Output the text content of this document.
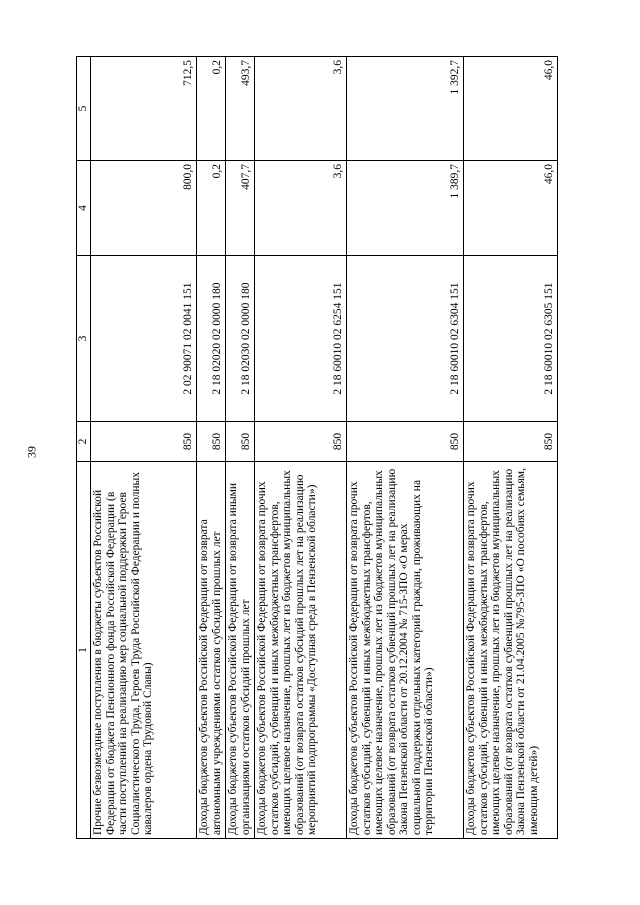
39
1	2	3	4	5
Прочие безвозмездные поступления в бюджеты субъектов Российской Федерации от бюджета Пенсионного фонда Российской Федерации (в части поступлений на реализацию мер социальной поддержки Героев Социалистического Труда, Героев Труда Российской Федерации и полных кавалеров ордена Трудовой Славы)	850	2 02 90071 02 0041 151	800,0	712,5
Доходы бюджетов субъектов Российской Федерации от возврата автономными учреждениями остатков субсидий прошлых лет	850	2 18 02020 02 0000 180	0,2	0,2
Доходы бюджетов субъектов Российской Федерации от возврата иными организациями остатков субсидий прошлых лет	850	2 18 02030 02 0000 180	407,7	493,7
Доходы бюджетов субъектов Российской Федерации от возврата прочих остатков субсидий, субвенций и иных межбюджетных трансфертов, имеющих целевое назначение, прошлых лет из бюджетов муниципальных образований (от возврата остатков субсидий прошлых лет на реализацию мероприятий подпрограммы «Доступная среда в Пензенской области»)	850	2 18 60010 02 6254 151	3,6	3,6
Доходы бюджетов субъектов Российской Федерации от возврата прочих остатков субсидий, субвенций и иных межбюджетных трансфертов, имеющих целевое назначение, прошлых лет из бюджетов муниципальных образований (от возврата остатков субвенций прошлых лет на реализацию Закона Пензенской области от 20.12.2004 № 715-ЗПО «О мерах социальной поддержки отдельных категорий граждан, проживающих на территории Пензенской области»)	850	2 18 60010 02 6304 151	1 389,7	1 392,7
Доходы бюджетов субъектов Российской Федерации от возврата прочих остатков субсидий, субвенций и иных межбюджетных трансфертов, имеющих целевое назначение, прошлых лет из бюджетов муниципальных образований (от возврата остатков субвенций прошлых лет на реализацию Закона Пензенской области от 21.04.2005 №795-ЗПО «О пособиях семьям, имеющим детей»)	850	2 18 60010 02 6305 151	46,0	46,0
